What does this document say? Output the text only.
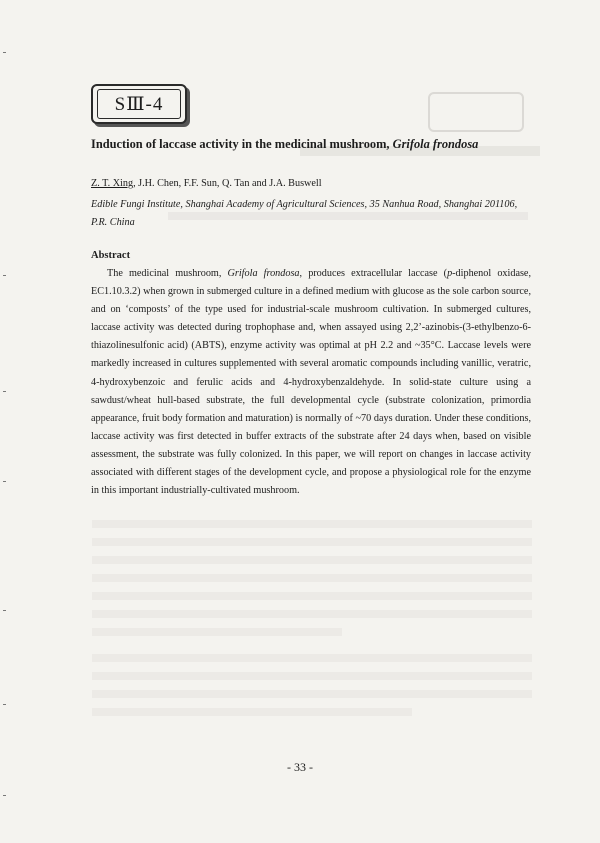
SⅢ-4
Induction of laccase activity in the medicinal mushroom, Grifola frondosa
Z. T. Xing, J.H. Chen, F.F. Sun, Q. Tan and J.A. Buswell
Edible Fungi Institute, Shanghai Academy of Agricultural Sciences, 35 Nanhua Road, Shanghai 201106, P.R. China
Abstract
The medicinal mushroom, Grifola frondosa, produces extracellular laccase (p-diphenol oxidase, EC1.10.3.2) when grown in submerged culture in a defined medium with glucose as the sole carbon source, and on ‘composts’ of the type used for industrial-scale mushroom cultivation. In submerged cultures, laccase activity was detected during trophophase and, when assayed using 2,2’-azinobis-(3-ethylbenzo-6-thiazolinesulfonic acid) (ABTS), enzyme activity was optimal at pH 2.2 and ~35°C. Laccase levels were markedly increased in cultures supplemented with several aromatic compounds including vanillic, veratric, 4-hydroxybenzoic and ferulic acids and 4-hydroxybenzaldehyde. In solid-state culture using a sawdust/wheat hull-based substrate, the full developmental cycle (substrate colonization, primordia appearance, fruit body formation and maturation) is normally of ~70 days duration. Under these conditions, laccase activity was first detected in buffer extracts of the substrate after 24 days when, based on visible assessment, the substrate was fully colonized. In this paper, we will report on changes in laccase activity associated with different stages of the development cycle, and propose a physiological role for the enzyme in this important industrially-cultivated mushroom.
- 33 -
